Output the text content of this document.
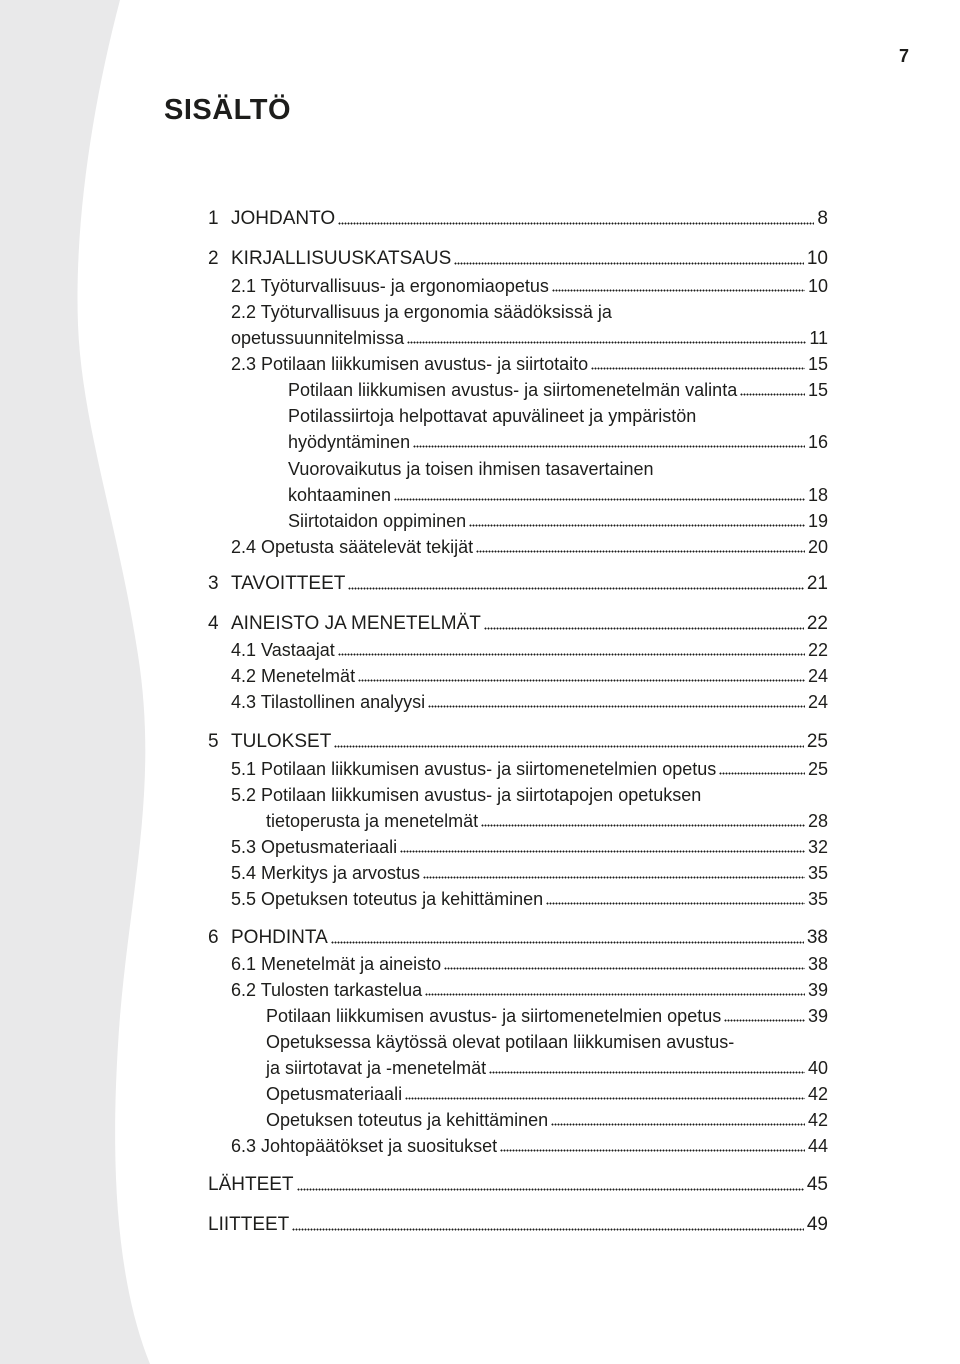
7
SISÄLTÖ
1 JOHDANTO	8
2 KIRJALLISUUSKATSAUS	10
2.1 Työturvallisuus- ja ergonomiaopetus	10
2.2 Työturvallisuus ja ergonomia säädöksissä ja
opetussuunnitelmissa	11
2.3 Potilaan liikkumisen avustus- ja siirtotaito	15
Potilaan liikkumisen avustus- ja siirtomenetelmän valinta	15
Potilassiirtoja helpottavat apuvälineet ja ympäristön
hyödyntäminen	16
Vuorovaikutus ja toisen ihmisen tasavertainen
kohtaaminen	18
Siirtotaidon oppiminen	19
2.4 Opetusta säätelevät tekijät	20
3 TAVOITTEET	21
4 AINEISTO JA MENETELMÄT	22
4.1 Vastaajat	22
4.2 Menetelmät	24
4.3 Tilastollinen analyysi	24
5 TULOKSET	25
5.1 Potilaan liikkumisen avustus- ja siirtomenetelmien opetus	25
5.2 Potilaan liikkumisen avustus- ja siirtotapojen opetuksen
tietoperusta ja menetelmät	28
5.3 Opetusmateriaali	32
5.4 Merkitys ja arvostus	35
5.5 Opetuksen toteutus ja kehittäminen	35
6 POHDINTA	38
6.1 Menetelmät ja aineisto	38
6.2 Tulosten tarkastelua	39
Potilaan liikkumisen avustus- ja siirtomenetelmien opetus	39
Opetuksessa käytössä olevat potilaan liikkumisen avustus-
ja siirtotavat ja -menetelmät	40
Opetusmateriaali	42
Opetuksen toteutus ja kehittäminen	42
6.3 Johtopäätökset ja suositukset	44
LÄHTEET	45
LIITTEET	49
